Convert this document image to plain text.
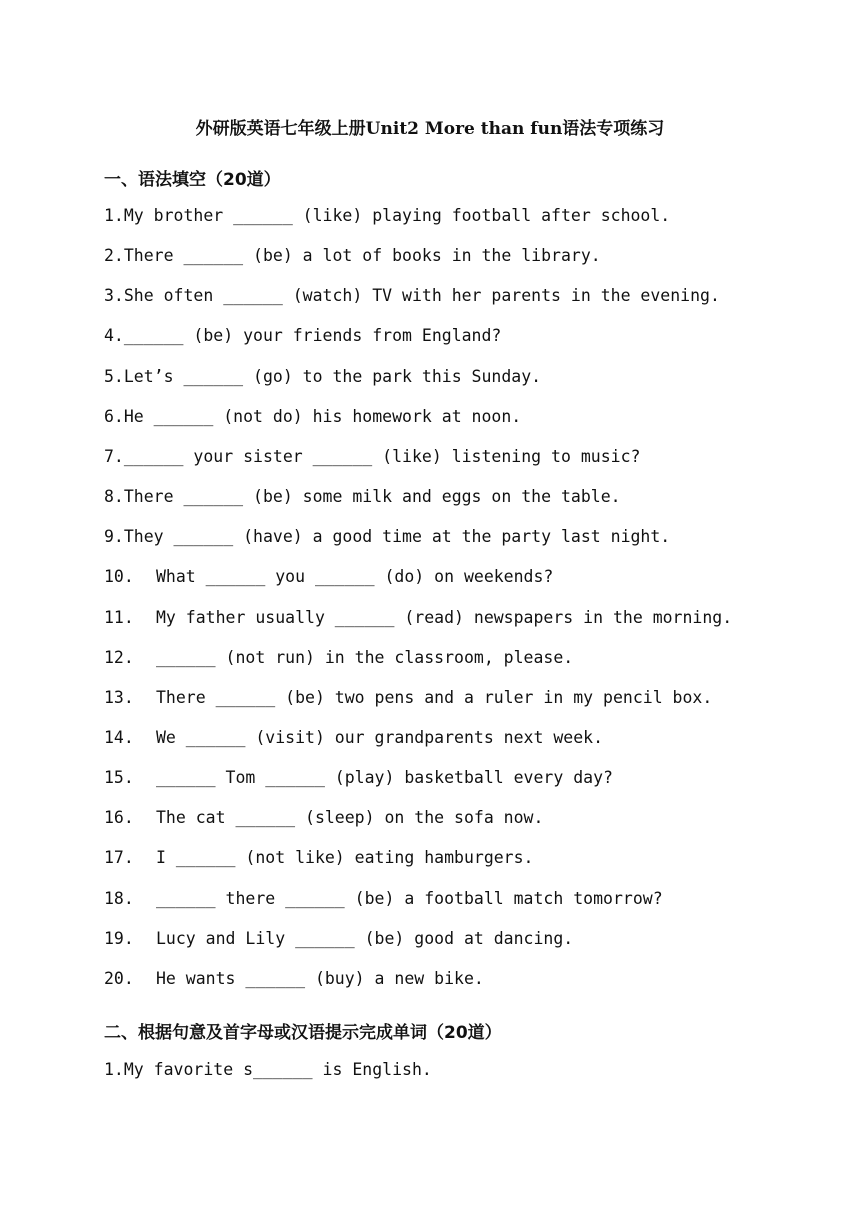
外研版英语七年级上册Unit2 More than fun语法专项练习
一、语法填空（20道）
1.My brother ______ (like) playing football after school.
2.There ______ (be) a lot of books in the library.
3.She often ______ (watch) TV with her parents in the evening.
4.______ (be) your friends from England?
5.Let’s ______ (go) to the park this Sunday.
6.He ______ (not do) his homework at noon.
7.______ your sister ______ (like) listening to music?
8.There ______ (be) some milk and eggs on the table.
9.They ______ (have) a good time at the party last night.
10. What ______ you ______ (do) on weekends?
11. My father usually ______ (read) newspapers in the morning.
12. ______ (not run) in the classroom, please.
13. There ______ (be) two pens and a ruler in my pencil box.
14. We ______ (visit) our grandparents next week.
15. ______ Tom ______ (play) basketball every day?
16. The cat ______ (sleep) on the sofa now.
17. I ______ (not like) eating hamburgers.
18. ______ there ______ (be) a football match tomorrow?
19. Lucy and Lily ______ (be) good at dancing.
20. He wants ______ (buy) a new bike.
二、根据句意及首字母或汉语提示完成单词（20道）
1.My favorite s______ is English.
